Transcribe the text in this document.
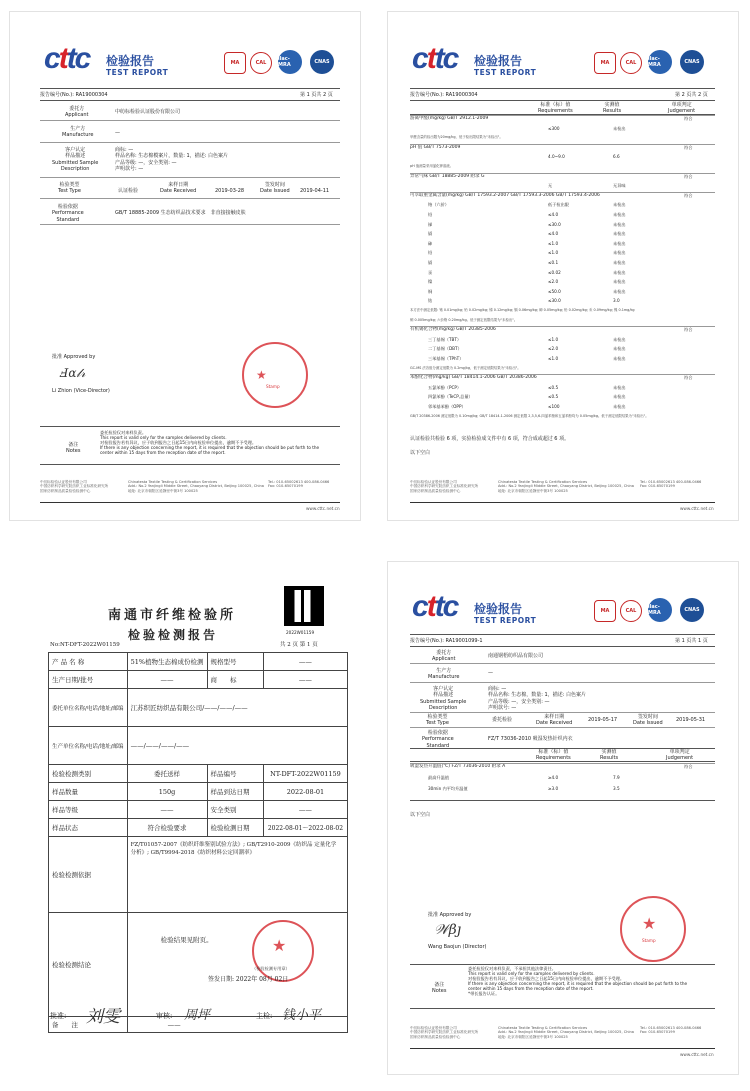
cttc 检验报告
TEST REPORT
MA	CAL
ilac-MRA	CNAS
报告编号(No.): RA19000304	第 1 页共 2 页
委托方
Applicant
中纺标检验认证股份有限公司
生产方
Manufacture	—
客户认定
样品描述
Submitted Sample
Description
商标: —
样品名称: 生态棉模案片，数量: 1，描述: 白色案片
产品等级: —，安全类别: —
声明款号: —
检验类型
Test Type	认证检验
来样日期
Date Received	2019-03-28
签发时间
Date Issued 2019-04-11
检验依据
Performance
Standard
GB/T 18885-2009 生态纺织品技术要求　非直接接触皮肤
批准 Approved by
Ⅎα𝓁𝓇
Li Zhion (Vice-Director)
★
Stamp
备注
Notes
委托检验仅对来样负责。
This report is valid only for the samples delivered by clients.
对检验报告若有异议，应于收到报告之日起15日内向检验单位提出，逾期不予受理。
If there is any objection concerning the report, it is required that the objection should be put forth to the
center within 15 days from the reception date of the report.
中纺标检验认证股份有限公司
中国纺织科学研究院纺织工业标准化研究所
国家纺织制品质量检验检测中心
Chinatesta Textile Testing & Certification Services
Add.: No.2 Yanjingli Middle Street, Chaoyang District, Beijing 100025, China
地址: 北京市朝阳区延静里中街3号 100025
Tel.: 010-65002613 400-086-0466
Fax: 010-65070199
www.cttc.net.cn
cttc 检验报告
TEST REPORT
MA	CAL
ilac-MRA	CNAS
报告编号(No.): RA19000304	第 2 页共 2 页
标准（标）值
Requirements
实测值
Results
单项判定
Judgement
游离甲醛(mg/kg) GB/T 2912.1-2009	符合
≤300	未检出
甲醛含量的检出限为20mg/kg，低于检出限结果为"未检出"。
pH 值 GB/T 7573-2009	符合
4.0~9.0	6.6
pH 值测量采用氯化钾溶液。
异常气味 GB/T 18885-2009 附录 G	符合
无	无异味
可萃取重金属含量(mg/kg) GB/T 17593.2-2007 GB/T 17593.3-2006 GB/T 17593.4-2006	符合
铬（六价）	低于检出限	未检出
铅	≤4.0	未检出
锑	≤30.0	未检出
镉	≤4.0	未检出
砷	≤1.0	未检出
铅	≤1.0	未检出
镉	≤0.1	未检出
汞	≤0.02	未检出
镍	≤2.0	未检出
铜	≤50.0	未检出
钴	≤30.0	3.0
本方法中测定低限: 铬 0.01mg/kg; 铅 0.02mg/kg; 锑 0.12mg/kg; 镉 0.06mg/kg; 砷 0.05mg/kg; 铅 0.02mg/kg; 汞 0.09mg/kg; 镍 0.1mg/kg
铜 0.005mg/kg; 六价铬 0.20mg/kg。低于测定低限结果为"未检出"。
有机锡化合物(mg/kg) GB/T 20385-2006	符合
三丁基锡（TBT）	≤1.0	未检出
二丁基锡（DBT）	≤2.0	未检出
三苯基锡（TPhT）	≤1.0	未检出
GC-MS 法各组分测定低限为 0.2mg/kg，低于测定低限结果为"未检出"。
苯酚化合物(mg/kg) GB/T 18414.1-2006 GB/T 20386-2006	符合
五氯苯酚（PCP）	≤0.5	未检出
四氯苯酚（TeCP,总量）	≤0.5	未检出
邻苯基苯酚（OPP）	≤100	未检出
GB/T 20386-2006 测定低限为 0.10mg/kg; GB/T 18414.1-2006 测定低限 2,3,5,6-四氯苯酚和五氯苯酚均为 0.05mg/kg。低于测定低限结果为"未检出"。
认证检验共检验 6 项，实验检验成文件中有 6 项，符合成或超过 6 项。
以下空白
中纺标检验认证股份有限公司
中国纺织科学研究院纺织工业标准化研究所
国家纺织制品质量检验检测中心
Chinatesta Textile Testing & Certification Services
Add.: No.2 Yanjingli Middle Street, Chaoyang District, Beijing 100025, China
地址: 北京市朝阳区延静里中街3号 100025
Tel.: 010-65002613 400-086-0466
Fax: 010-65070199
www.cttc.net.cn
南通市纤维检验所
检验检测报告	2022W01159
No:NT-DFT-2022W01159	共 2 页 第 1 页
产 品 名 称	51%植物生态棉成份检测	规格型号	——
生产日期/批号	——	商　　标	——
委托单位名称/电话/地址/邮编	江苏织匠纺织品有限公司/——/——/——		
生产单位名称/电话/地址/邮编	——/——/——/——		
检验检测类别	委托送样	样品编号	NT-DFT-2022W01159
样品数量	150g	样品到达日期	2022-08-01
样品等级	——	安全类别	——
样品状态	符合检验要求	检验检测日期	2022-08-01～2022-08-02
检验检测依据	FZ/T01057-2007《纺织纤维鉴别试验方法》; GB/T2910-2009《纺织品 定量化学
分析》; GB/T9994-2018《纺织材料公定回潮率》		

检验检测结论	检验结果见附页。		

备　　注	——		
★
（检验检测专用章）
签发日期: 2022年 08月 02日
批准: 刘雯	审核: 周坪	主检: 钱小平
cttc 检验报告
TEST REPORT
MA	CAL
ilac-MRA	CNAS
报告编号(No.): RA19001099-1	第 1 页共 1 页
委托方
Applicant
南通钢梧纺织品有限公司
生产方
Manufacture
—
客户认定
样品描述
Submitted Sample
Description
商标: —
样品名称: 生态棉，数量: 1，描述: 白色案片
产品等级: —，安全类别: —
声明款号: —
检验类型
Test Type
委托检验	来样日期
Date Received
2019-05-17	签发时间
Date Issued
2019-05-31
检验依据
Performance
Standard
FZ/T 73036-2010 吸湿发热针织内衣
标准（标）值
Requirements
实测值
Results
单项判定
Judgement
吸湿发热升温值(℃) FZ/T 73036-2010 附录 A	符合
最高升温值	≥4.0	7.9
30min 内平均升温值	≥3.0	3.5
以下空白
批准 Approved by
𝒲βȷ
Wang Baojun (Director)
★
Stamp
备注
Notes
委托检验仅对来样负责，不承担其他法律责任。
This report is valid only for the samples delivered by clients.
对检验报告若有异议，应于收到报告之日起15日内向检验单位提出，逾期不予受理。
If there is any objection concerning the report, it is required that the objection should be put forth to the
center within 15 days from the reception date of the report.
*带长报告认证。
中纺标检验认证股份有限公司
中国纺织科学研究院纺织工业标准化研究所
国家纺织制品质量检验检测中心
Chinatesta Textile Testing & Certification Services
Add.: No.2 Yanjingli Middle Street, Chaoyang District, Beijing 100025, China
地址: 北京市朝阳区延静里中街3号 100025
Tel.: 010-65002613 400-086-0466
Fax: 010-65070199
www.cttc.net.cn
